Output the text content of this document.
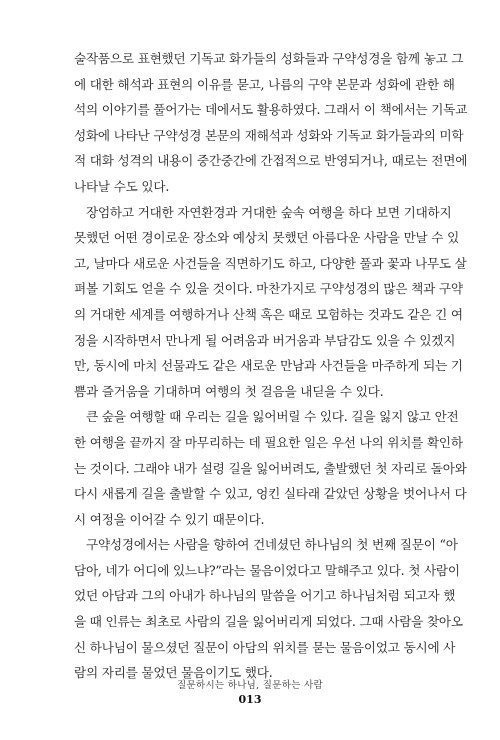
술작품으로 표현했던 기독교 화가들의 성화들과 구약성경을 함께 놓고 그
에 대한 해석과 표현의 이유를 묻고, 나름의 구약 본문과 성화에 관한 해
석의 이야기를 풀어가는 데에서도 활용하였다. 그래서 이 책에서는 기독교
성화에 나타난 구약성경 본문의 재해석과 성화와 기독교 화가들과의 미학
적 대화 성격의 내용이 중간중간에 간접적으로 반영되거나, 때로는 전면에
나타날 수도 있다.
장엄하고 거대한 자연환경과 거대한 숲속 여행을 하다 보면 기대하지
못했던 어떤 경이로운 장소와 예상치 못했던 아름다운 사람을 만날 수 있
고, 날마다 새로운 사건들을 직면하기도 하고, 다양한 풀과 꽃과 나무도 살
펴볼 기회도 얻을 수 있을 것이다. 마찬가지로 구약성경의 많은 책과 구약
의 거대한 세계를 여행하거나 산책 혹은 때로 모험하는 것과도 같은 긴 여
정을 시작하면서 만나게 될 어려움과 버거움과 부담감도 있을 수 있겠지
만, 동시에 마치 선물과도 같은 새로운 만남과 사건들을 마주하게 되는 기
쁨과 즐거움을 기대하며 여행의 첫 걸음을 내딛을 수 있다.
큰 숲을 여행할 때 우리는 길을 잃어버릴 수 있다. 길을 잃지 않고 안전
한 여행을 끝까지 잘 마무리하는 데 필요한 일은 우선 나의 위치를 확인하
는 것이다. 그래야 내가 설령 길을 잃어버려도, 출발했던 첫 자리로 돌아와
다시 새롭게 길을 출발할 수 있고, 엉킨 실타래 같았던 상황을 벗어나서 다
시 여정을 이어갈 수 있기 때문이다.
구약성경에서는 사람을 향하여 건네셨던 하나님의 첫 번째 질문이 “아
담아, 네가 어디에 있느냐?”라는 물음이었다고 말해주고 있다. 첫 사람이
었던 아담과 그의 아내가 하나님의 말씀을 어기고 하나님처럼 되고자 했
을 때 인류는 최초로 사람의 길을 잃어버리게 되었다. 그때 사람을 찾아오
신 하나님이 물으셨던 질문이 아담의 위치를 묻는 물음이었고 동시에 사
람의 자리를 물었던 물음이기도 했다.
질문하시는 하나님, 질문하는 사람
013
